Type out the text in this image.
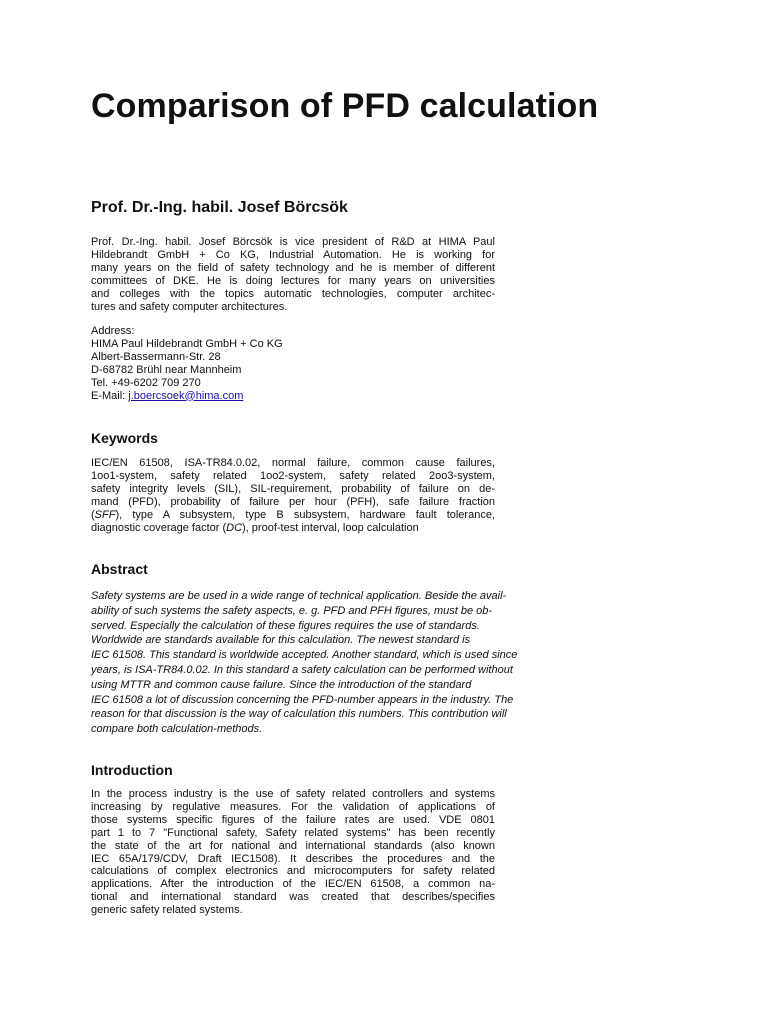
Comparison of PFD calculation
Prof. Dr.-Ing. habil. Josef Börcsök
Prof. Dr.-Ing. habil. Josef Börcsök is vice president of R&D at HIMA Paul
Hildebrandt GmbH + Co KG, Industrial Automation. He is working for
many years on the field of safety technology and he is member of different
committees of DKE. He is doing lectures for many years on universities
and colleges with the topics automatic technologies, computer architec-
tures and safety computer architectures.
Address:
HIMA Paul Hildebrandt GmbH + Co KG
Albert-Bassermann-Str. 28
D-68782 Brühl near Mannheim
Tel. +49-6202 709 270
E-Mail: j.boercsoek@hima.com
Keywords
IEC/EN 61508, ISA-TR84.0.02, normal failure, common cause failures,
1oo1-system, safety related 1oo2-system, safety related 2oo3-system,
safety integrity levels (SIL), SIL-requirement, probability of failure on de-
mand (PFD), probability of failure per hour (PFH), safe failure fraction
(SFF), type A subsystem, type B subsystem, hardware fault tolerance,
diagnostic coverage factor (DC), proof-test interval, loop calculation
Abstract
Safety systems are be used in a wide range of technical application. Beside the avail-
ability of such systems the safety aspects, e. g. PFD and PFH figures, must be ob-
served. Especially the calculation of these figures requires the use of standards.
Worldwide are standards available for this calculation. The newest standard is
IEC 61508. This standard is worldwide accepted. Another standard, which is used since
years, is ISA-TR84.0.02. In this standard a safety calculation can be performed without
using MTTR and common cause failure. Since the introduction of the standard
IEC 61508 a lot of discussion concerning the PFD-number appears in the industry. The
reason for that discussion is the way of calculation this numbers. This contribution will
compare both calculation-methods.
Introduction
In the process industry is the use of safety related controllers and systems
increasing by regulative measures. For the validation of applications of
those systems specific figures of the failure rates are used. VDE 0801
part 1 to 7 "Functional safety, Safety related systems" has been recently
the state of the art for national and international standards (also known
IEC 65A/179/CDV, Draft IEC1508). It describes the procedures and the
calculations of complex electronics and microcomputers for safety related
applications. After the introduction of the IEC/EN 61508, a common na-
tional and international standard was created that describes/specifies
generic safety related systems.
